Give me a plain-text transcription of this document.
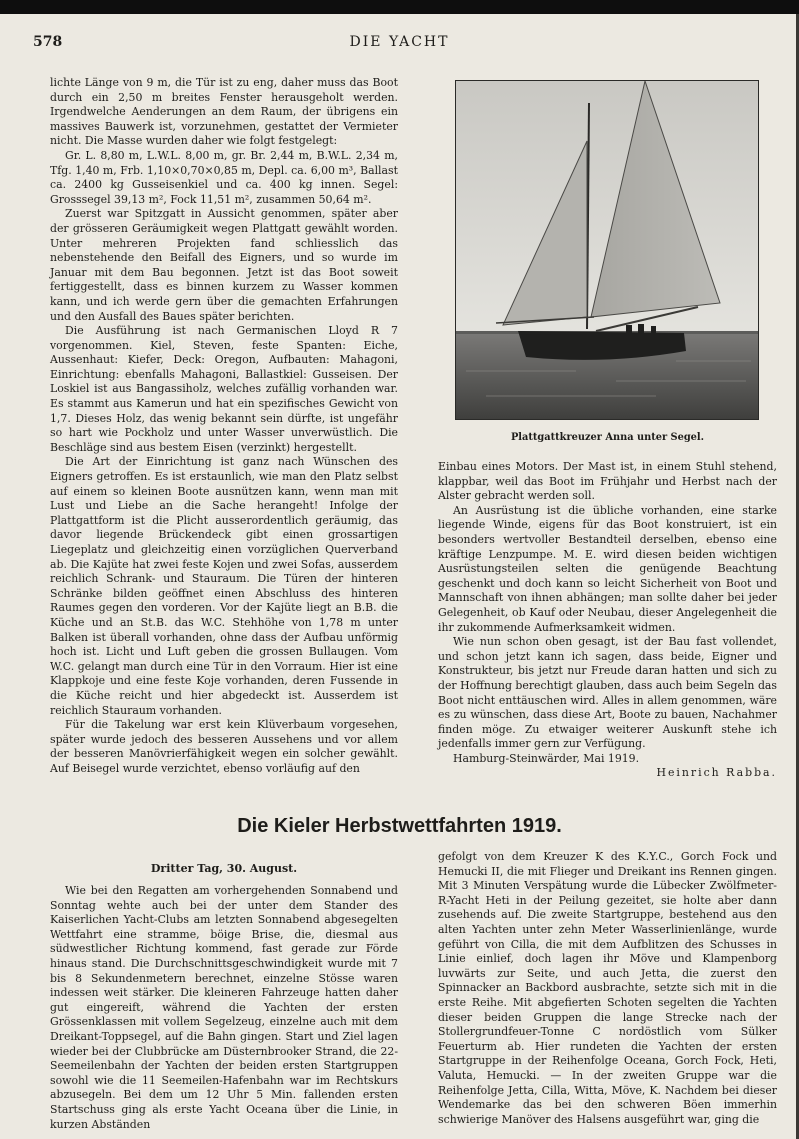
578	DIE YACHT

lichte Länge von 9 m, die Tür ist zu eng, daher muss das Boot durch ein 2,50 m breites Fenster herausgeholt werden. Irgendwelche Aenderungen an dem Raum, der übrigens ein massives Bauwerk ist, vorzunehmen, gestattet der Vermieter nicht. Die Masse wurden daher wie folgt festgelegt:

Gr. L. 8,80 m, L.W.L. 8,00 m, gr. Br. 2,44 m, B.W.L. 2,34 m, Tfg. 1,40 m, Frb. 1,10×0,70×0,85 m, Depl. ca. 6,00 m³, Ballast ca. 2400 kg Gusseisenkiel und ca. 400 kg innen. Segel: Grosssegel 39,13 m², Fock 11,51 m², zusammen 50,64 m².

Zuerst war Spitzgatt in Aussicht genommen, später aber der grösseren Geräumigkeit wegen Plattgatt gewählt worden. Unter mehreren Projekten fand schliesslich das nebenstehende den Beifall des Eigners, und so wurde im Januar mit dem Bau begonnen. Jetzt ist das Boot soweit fertiggestellt, dass es binnen kurzem zu Wasser kommen kann, und ich werde gern über die gemachten Erfahrungen und den Ausfall des Baues später berichten.

Die Ausführung ist nach Germanischen Lloyd R 7 vorgenommen. Kiel, Steven, feste Spanten: Eiche, Aussenhaut: Kiefer, Deck: Oregon, Aufbauten: Mahagoni, Einrichtung: ebenfalls Mahagoni, Ballastkiel: Gusseisen. Der Loskiel ist aus Bangassiholz, welches zufällig vorhanden war. Es stammt aus Kamerun und hat ein spezifisches Gewicht von 1,7. Dieses Holz, das wenig bekannt sein dürfte, ist ungefähr so hart wie Pockholz und unter Wasser unverwüstlich. Die Beschläge sind aus bestem Eisen (verzinkt) hergestellt.

Die Art der Einrichtung ist ganz nach Wünschen des Eigners getroffen. Es ist erstaunlich, wie man den Platz selbst auf einem so kleinen Boote ausnützen kann, wenn man mit Lust und Liebe an die Sache herangeht! Infolge der Plattgattform ist die Plicht ausserordentlich geräumig, das davor liegende Brückendeck gibt einen grossartigen Liegeplatz und gleichzeitig einen vorzüglichen Querverband ab. Die Kajüte hat zwei feste Kojen und zwei Sofas, ausserdem reichlich Schrank- und Stauraum. Die Türen der hinteren Schränke bilden geöffnet einen Abschluss des hinteren Raumes gegen den vorderen. Vor der Kajüte liegt an B.B. die Küche und an St.B. das W.C. Stehhöhe von 1,78 m unter Balken ist überall vorhanden, ohne dass der Aufbau unförmig hoch ist. Licht und Luft geben die grossen Bullaugen. Vom W.C. gelangt man durch eine Tür in den Vorraum. Hier ist eine Klappkoje und eine feste Koje vorhanden, deren Fussende in die Küche reicht und hier abgedeckt ist. Ausserdem ist reichlich Stauraum vorhanden.

Für die Takelung war erst kein Klüverbaum vorgesehen, später wurde jedoch des besseren Aussehens und vor allem der besseren Manövrierfähigkeit wegen ein solcher gewählt. Auf Beisegel wurde verzichtet, ebenso vorläufig auf den

Plattgattkreuzer Anna unter Segel.

Einbau eines Motors. Der Mast ist, in einem Stuhl stehend, klappbar, weil das Boot im Frühjahr und Herbst nach der Alster gebracht werden soll.

An Ausrüstung ist die übliche vorhanden, eine starke liegende Winde, eigens für das Boot konstruiert, ist ein besonders wertvoller Bestandteil derselben, ebenso eine kräftige Lenzpumpe. M. E. wird diesen beiden wichtigen Ausrüstungsteilen selten die genügende Beachtung geschenkt und doch kann so leicht Sicherheit von Boot und Mannschaft von ihnen abhängen; man sollte daher bei jeder Gelegenheit, ob Kauf oder Neubau, dieser Angelegenheit die ihr zukommende Aufmerksamkeit widmen.

Wie nun schon oben gesagt, ist der Bau fast vollendet, und schon jetzt kann ich sagen, dass beide, Eigner und Konstrukteur, bis jetzt nur Freude daran hatten und sich zu der Hoffnung berechtigt glauben, dass auch beim Segeln das Boot nicht enttäuschen wird. Alles in allem genommen, wäre es zu wünschen, dass diese Art, Boote zu bauen, Nachahmer finden möge. Zu etwaiger weiterer Auskunft stehe ich jedenfalls immer gern zur Verfügung.

Hamburg-Steinwärder, Mai 1919.

Heinrich Rabba.

Die Kieler Herbstwettfahrten 1919.
Dritter Tag, 30. August.

Wie bei den Regatten am vorhergehenden Sonnabend und Sonntag wehte auch bei der unter dem Stander des Kaiserlichen Yacht-Clubs am letzten Sonnabend abgesegelten Wettfahrt eine stramme, böige Brise, die, diesmal aus südwestlicher Richtung kommend, fast gerade zur Förde hinaus stand. Die Durchschnittsgeschwindigkeit wurde mit 7 bis 8 Sekundenmetern berechnet, einzelne Stösse waren indessen weit stärker. Die kleineren Fahrzeuge hatten daher gut eingereift, während die Yachten der ersten Grössenklassen mit vollem Segelzeug, einzelne auch mit dem Dreikant-Toppsegel, auf die Bahn gingen. Start und Ziel lagen wieder bei der Clubbrücke am Düsternbrooker Strand, die 22-Seemeilenbahn der Yachten der beiden ersten Startgruppen sowohl wie die 11 Seemeilen-Hafenbahn war im Rechtskurs abzusegeln. Bei dem um 12 Uhr 5 Min. fallenden ersten Startschuss ging als erste Yacht Oceana über die Linie, in kurzen Abständen

gefolgt von dem Kreuzer K des K.Y.C., Gorch Fock und Hemucki II, die mit Flieger und Dreikant ins Rennen gingen. Mit 3 Minuten Verspätung wurde die Lübecker Zwölfmeter-R-Yacht Heti in der Peilung gezeitet, sie holte aber dann zusehends auf. Die zweite Startgruppe, bestehend aus den alten Yachten unter zehn Meter Wasserlinienlänge, wurde geführt von Cilla, die mit dem Aufblitzen des Schusses in Linie einlief, doch lagen ihr Möve und Klampenborg luvwärts zur Seite, und auch Jetta, die zuerst den Spinnacker an Backbord ausbrachte, setzte sich mit in die erste Reihe. Mit abgefierten Schoten segelten die Yachten dieser beiden Gruppen die lange Strecke nach der Stollergrundfeuer-Tonne C nordöstlich vom Sülker Feuerturm ab. Hier rundeten die Yachten der ersten Startgruppe in der Reihenfolge Oceana, Gorch Fock, Heti, Valuta, Hemucki. — In der zweiten Gruppe war die Reihenfolge Jetta, Cilla, Witta, Möve, K. Nachdem bei dieser Wendemarke das bei den schweren Böen immerhin schwierige Manöver des Halsens ausgeführt war, ging die
